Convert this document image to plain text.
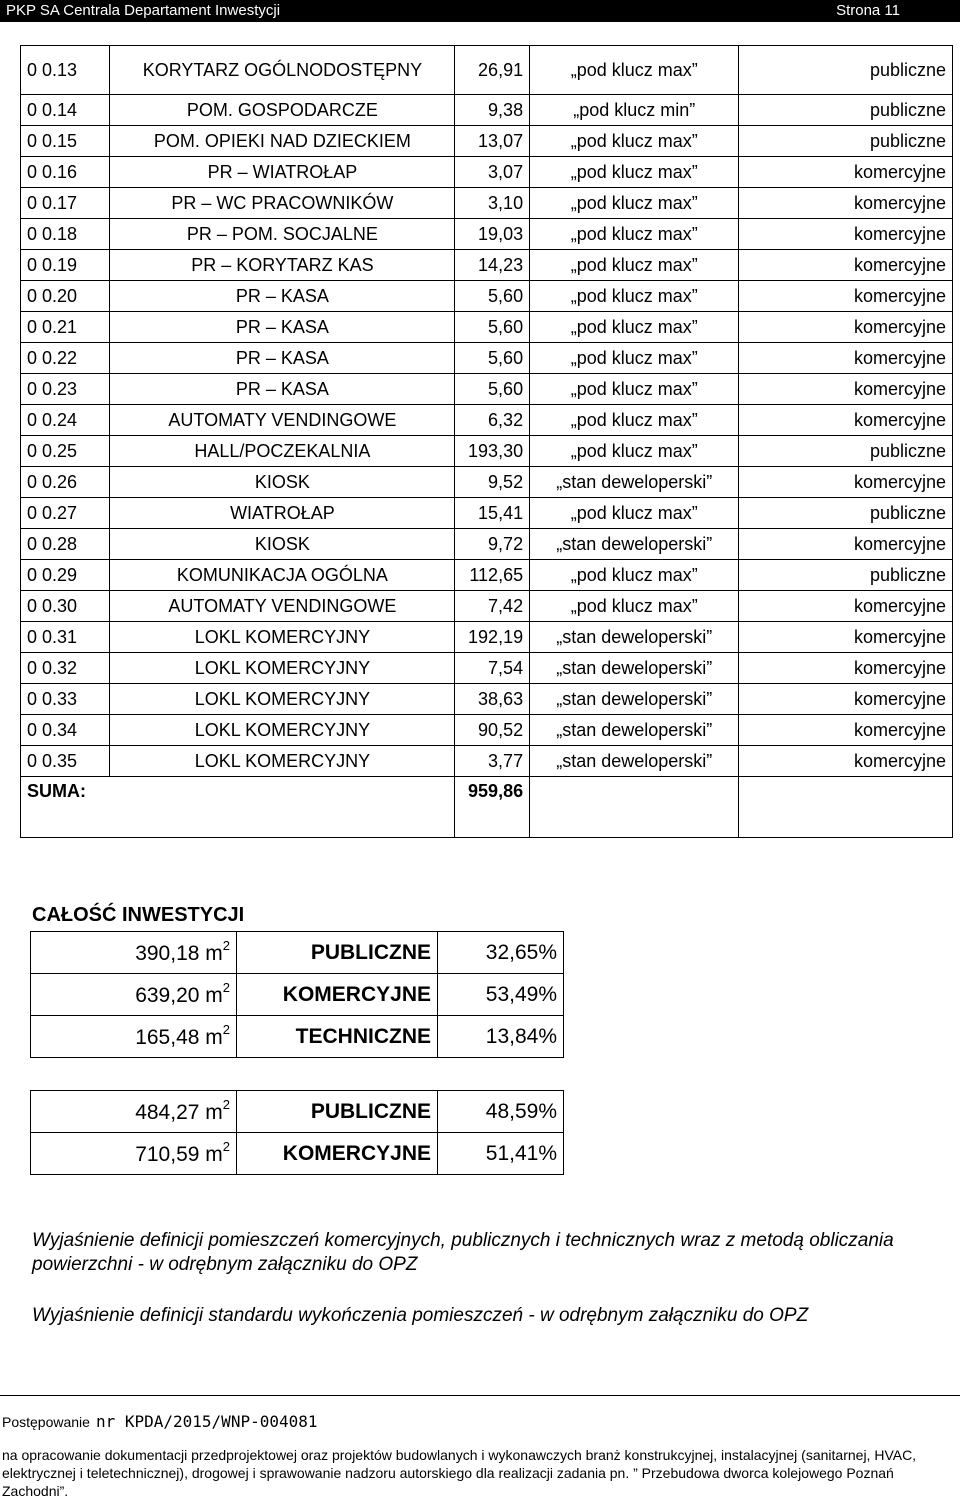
PKP SA Centrala Departament Inwestycji	Strona 11
0 0.13	KORYTARZ OGÓLNODOSTĘPNY	26,91	„pod klucz max”	publiczne
0 0.14	POM. GOSPODARCZE	9,38	„pod klucz min”	publiczne
0 0.15	POM. OPIEKI NAD DZIECKIEM	13,07	„pod klucz max”	publiczne
0 0.16	PR – WIATROŁAP	3,07	„pod klucz max”	komercyjne
0 0.17	PR – WC PRACOWNIKÓW	3,10	„pod klucz max”	komercyjne
0 0.18	PR – POM. SOCJALNE	19,03	„pod klucz max”	komercyjne
0 0.19	PR – KORYTARZ KAS	14,23	„pod klucz max”	komercyjne
0 0.20	PR – KASA	5,60	„pod klucz max”	komercyjne
0 0.21	PR – KASA	5,60	„pod klucz max”	komercyjne
0 0.22	PR – KASA	5,60	„pod klucz max”	komercyjne
0 0.23	PR – KASA	5,60	„pod klucz max”	komercyjne
0 0.24	AUTOMATY VENDINGOWE	6,32	„pod klucz max”	komercyjne
0 0.25	HALL/POCZEKALNIA	193,30	„pod klucz max”	publiczne
0 0.26	KIOSK	9,52	„stan deweloperski”	komercyjne
0 0.27	WIATROŁAP	15,41	„pod klucz max”	publiczne
0 0.28	KIOSK	9,72	„stan deweloperski”	komercyjne
0 0.29	KOMUNIKACJA OGÓLNA	112,65	„pod klucz max”	publiczne
0 0.30	AUTOMATY VENDINGOWE	7,42	„pod klucz max”	komercyjne
0 0.31	LOKL KOMERCYJNY	192,19	„stan deweloperski”	komercyjne
0 0.32	LOKL KOMERCYJNY	7,54	„stan deweloperski”	komercyjne
0 0.33	LOKL KOMERCYJNY	38,63	„stan deweloperski”	komercyjne
0 0.34	LOKL KOMERCYJNY	90,52	„stan deweloperski”	komercyjne
0 0.35	LOKL KOMERCYJNY	3,77	„stan deweloperski”	komercyjne
SUMA:		959,86		
CAŁOŚĆ INWESTYCJI
390,18 $m^2$	PUBLICZNE	32,65%
639,20 $m^2$	KOMERCYJNE	53,49%
165,48 $m^2$	TECHNICZNE	13,84%
484,27 $m^2$	PUBLICZNE	48,59%
710,59 $m^2$	KOMERCYJNE	51,41%
Wyjaśnienie definicji pomieszczeń komercyjnych, publicznych i technicznych wraz z metodą obliczania powierzchni - w odrębnym załączniku do OPZ
Wyjaśnienie definicji standardu wykończenia pomieszczeń - w odrębnym załączniku do OPZ
Postępowanie nr KPDA/2015/WNP-004081
na opracowanie dokumentacji przedprojektowej oraz projektów budowlanych i wykonawczych branż konstrukcyjnej, instalacyjnej (sanitarnej, HVAC, elektrycznej i teletechnicznej), drogowej i sprawowanie nadzoru autorskiego dla realizacji zadania pn. ” Przebudowa dworca kolejowego Poznań Zachodni”.
